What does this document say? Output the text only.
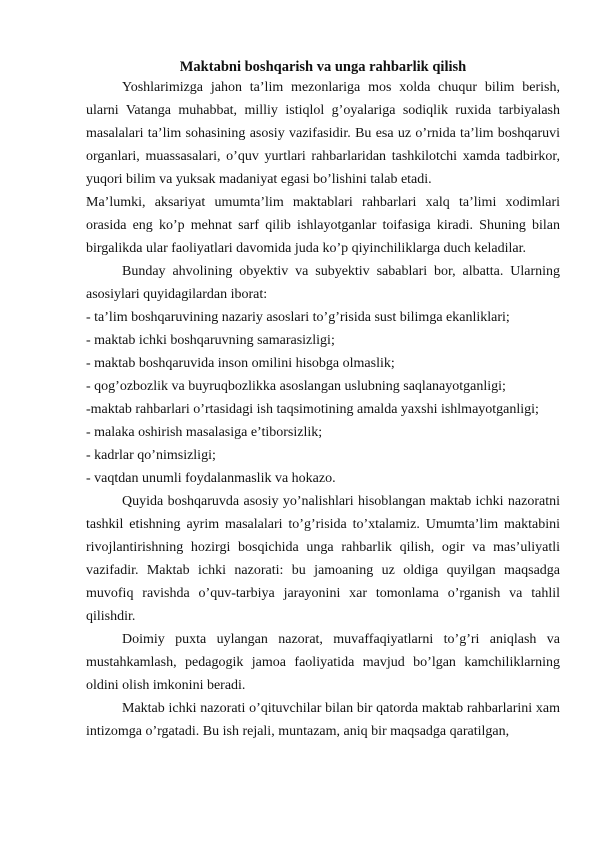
Maktabni boshqarish va unga rahbarlik qilish

Yoshlarimizga jahon ta’lim mezonlariga mos xolda chuqur bilim berish, ularni Vatanga muhabbat, milliy istiqlol g’oyalariga sodiqlik ruxida tarbiyalash masalalari ta’lim sohasining asosiy vazifasidir. Bu esa uz o’rnida ta’lim boshqaruvi organlari, muassasalari, o’quv yurtlari rahbarlaridan tashkilotchi xamda tadbirkor, yuqori bilim va yuksak madaniyat egasi bo’lishini talab etadi.

Ma’lumki, aksariyat umumta’lim maktablari rahbarlari xalq ta’limi xodimlari orasida eng ko’p mehnat sarf qilib ishlayotganlar toifasiga kiradi. Shuning bilan birgalikda ular faoliyatlari davomida juda ko’p qiyinchiliklarga duch keladilar.

Bunday ahvolining obyektiv va subyektiv sabablari bor, albatta. Ularning asosiylari quyidagilardan iborat:

- ta’lim boshqaruvining nazariy asoslari to’g’risida sust bilimga ekanliklari;

- maktab ichki boshqaruvning samarasizligi;

- maktab boshqaruvida inson omilini hisobga olmaslik;

- qog’ozbozlik va buyruqbozlikka asoslangan uslubning saqlanayotganligi;

-maktab rahbarlari o’rtasidagi ish taqsimotining amalda yaxshi ishlmayotganligi;

- malaka oshirish masalasiga e’tiborsizlik;

- kadrlar qo’nimsizligi;

- vaqtdan unumli foydalanmaslik va hokazo.

Quyida boshqaruvda asosiy yo’nalishlari hisoblangan maktab ichki nazoratni tashkil etishning ayrim masalalari to’g’risida to’xtalamiz. Umumta’lim maktabini rivojlantirishning hozirgi bosqichida unga rahbarlik qilish, ogir va mas’uliyatli vazifadir. Maktab ichki nazorati: bu jamoaning uz oldiga quyilgan maqsadga muvofiq ravishda o’quv-tarbiya jarayonini xar tomonlama o’rganish va tahlil qilishdir.

Doimiy puxta uylangan nazorat, muvaffaqiyatlarni to’g’ri aniqlash va mustahkamlash, pedagogik jamoa faoliyatida mavjud bo’lgan kamchiliklarning oldini olish imkonini beradi.

Maktab ichki nazorati o’qituvchilar bilan bir qatorda maktab rahbarlarini xam intizomga o’rgatadi. Bu ish rejali, muntazam, aniq bir maqsadga qaratilgan,
